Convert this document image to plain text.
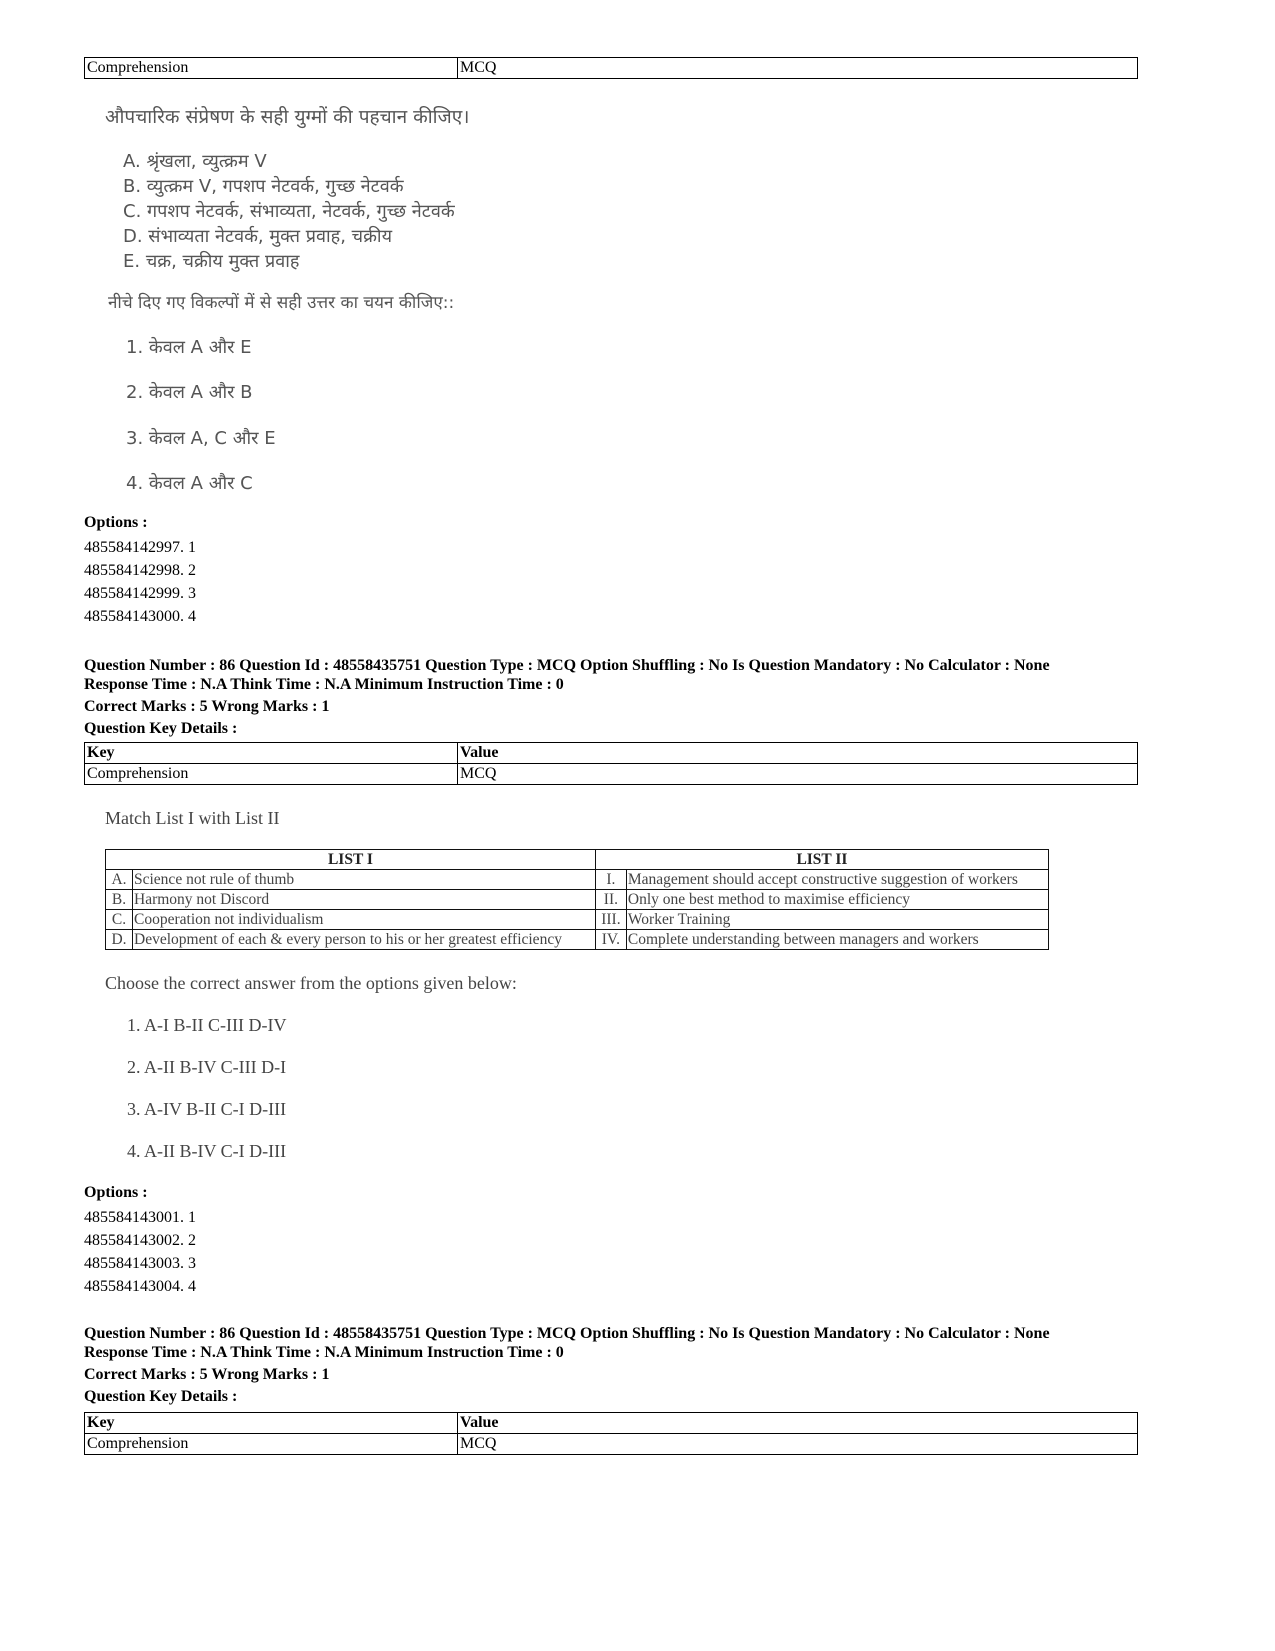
Comprehension	MCQ
औपचारिक संप्रेषण के सही युग्मों की पहचान कीजिए।
A. श्रृंखला, व्युत्क्रम V
B. व्युत्क्रम V, गपशप नेटवर्क, गुच्छ नेटवर्क
C. गपशप नेटवर्क, संभाव्यता, नेटवर्क, गुच्छ नेटवर्क
D. संभाव्यता नेटवर्क, मुक्त प्रवाह, चक्रीय
E. चक्र, चक्रीय मुक्त प्रवाह
नीचे दिए गए विकल्पों में से सही उत्तर का चयन कीजिए::
1. केवल A और E
2. केवल A और B
3. केवल A, C और E
4. केवल A और C
Options :
485584142997. 1
485584142998. 2
485584142999. 3
485584143000. 4
Question Number : 86 Question Id : 48558435751 Question Type : MCQ Option Shuffling : No Is Question Mandatory : No Calculator : None
Response Time : N.A Think Time : N.A Minimum Instruction Time : 0
Correct Marks : 5 Wrong Marks : 1
Question Key Details :
Key	Value
Comprehension	MCQ
Match List I with List II
LIST I		LIST II	
A.	Science not rule of thumb	I.	Management should accept constructive suggestion of workers
B.	Harmony not Discord	II.	Only one best method to maximise efficiency
C.	Cooperation not individualism	III.	Worker Training
D.	Development of each & every person to his or her greatest efficiency	IV.	Complete understanding between managers and workers
Choose the correct answer from the options given below:
1. A-I B-II C-III D-IV
2. A-II B-IV C-III D-I
3. A-IV B-II C-I D-III
4. A-II B-IV C-I D-III
Options :
485584143001. 1
485584143002. 2
485584143003. 3
485584143004. 4
Question Number : 86 Question Id : 48558435751 Question Type : MCQ Option Shuffling : No Is Question Mandatory : No Calculator : None
Response Time : N.A Think Time : N.A Minimum Instruction Time : 0
Correct Marks : 5 Wrong Marks : 1
Question Key Details :
Key	Value
Comprehension	MCQ
